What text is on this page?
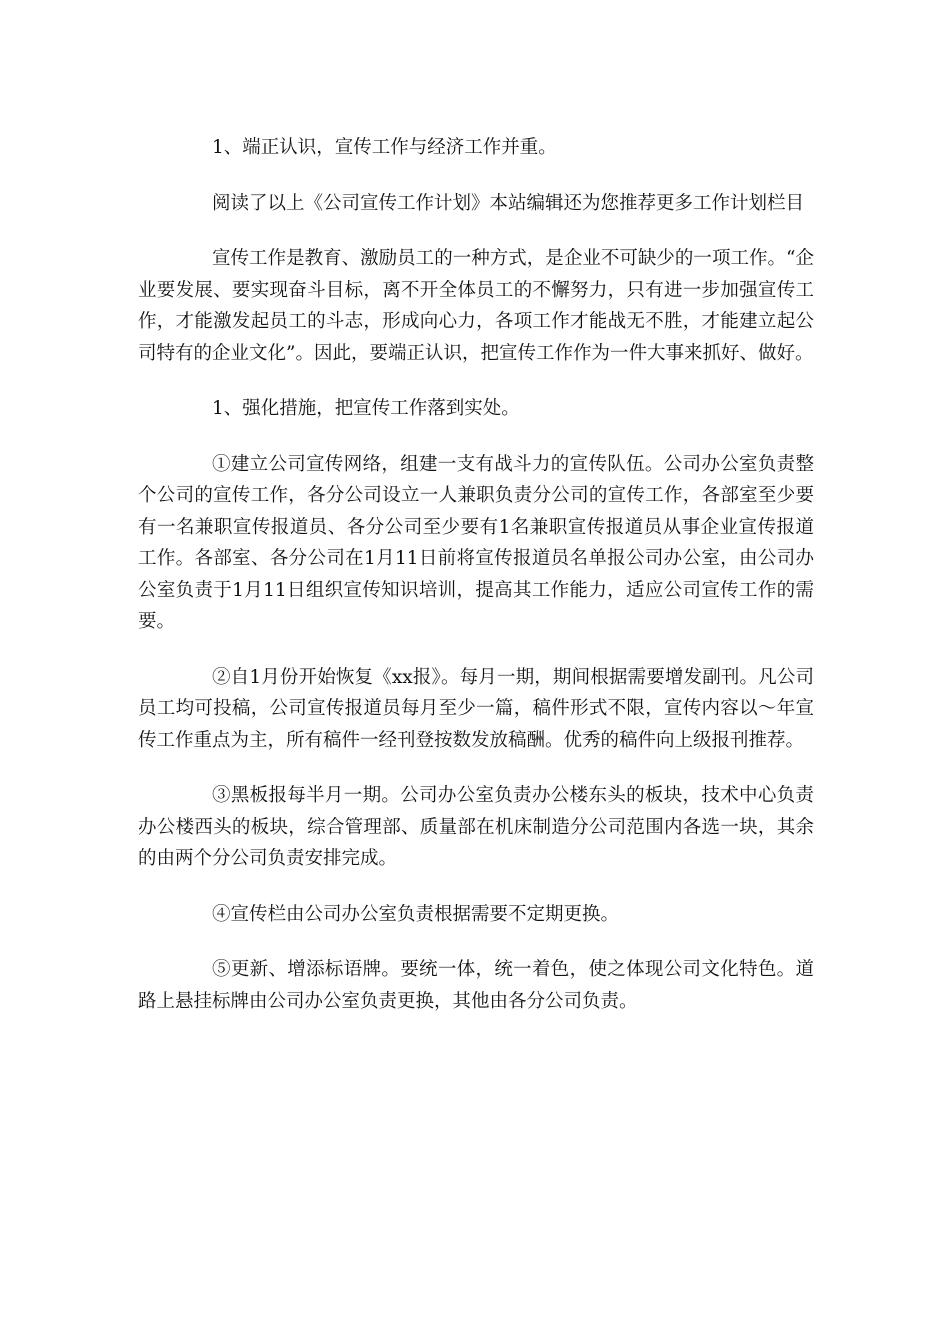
1、端正认识，宣传工作与经济工作并重。

阅读了以上《公司宣传工作计划》本站编辑还为您推荐更多工作计划栏目

宣传工作是教育、激励员工的一种方式，是企业不可缺少的一项工作。“企业要发展、要实现奋斗目标，离不开全体员工的不懈努力，只有进一步加强宣传工作，才能激发起员工的斗志，形成向心力，各项工作才能战无不胜，才能建立起公司特有的企业文化”。因此，要端正认识，把宣传工作作为一件大事来抓好、做好。

1、强化措施，把宣传工作落到实处。

①建立公司宣传网络，组建一支有战斗力的宣传队伍。公司办公室负责整个公司的宣传工作，各分公司设立一人兼职负责分公司的宣传工作，各部室至少要有一名兼职宣传报道员、各分公司至少要有1名兼职宣传报道员从事企业宣传报道工作。各部室、各分公司在1月11日前将宣传报道员名单报公司办公室，由公司办公室负责于1月11日组织宣传知识培训，提高其工作能力，适应公司宣传工作的需要。

②自1月份开始恢复《xx报》。每月一期，期间根据需要增发副刊。凡公司员工均可投稿，公司宣传报道员每月至少一篇，稿件形式不限，宣传内容以～年宣传工作重点为主，所有稿件一经刊登按数发放稿酬。优秀的稿件向上级报刊推荐。

③黑板报每半月一期。公司办公室负责办公楼东头的板块，技术中心负责办公楼西头的板块，综合管理部、质量部在机床制造分公司范围内各选一块，其余的由两个分公司负责安排完成。

④宣传栏由公司办公室负责根据需要不定期更换。

⑤更新、增添标语牌。要统一体，统一着色，使之体现公司文化特色。道路上悬挂标牌由公司办公室负责更换，其他由各分公司负责。
